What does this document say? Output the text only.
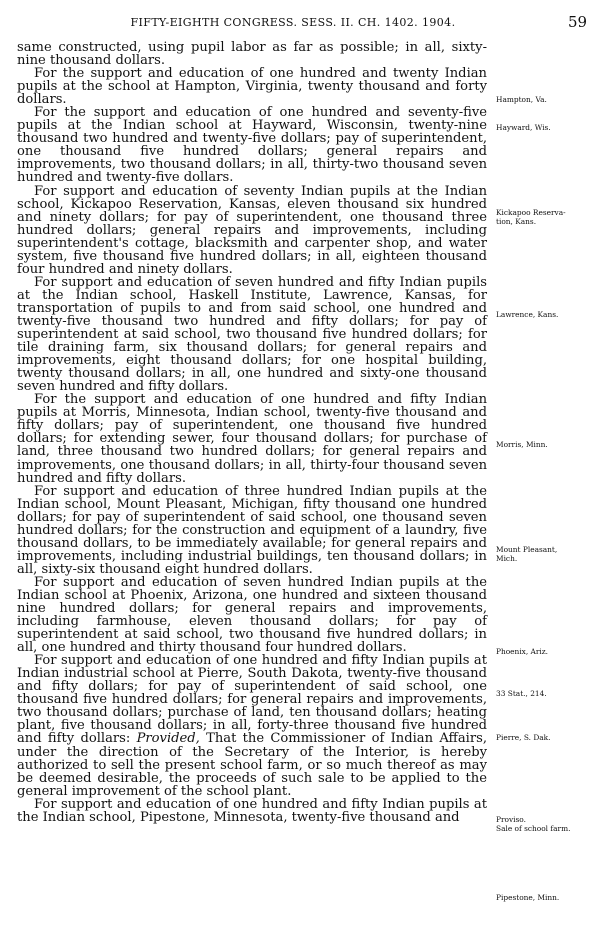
FIFTY-EIGHTH CONGRESS. SESS. II. CH. 1402. 1904.	59

same constructed, using pupil labor as far as possible; in all, sixty-nine thousand dollars.

For the support and education of one hundred and twenty Indian pupils at the school at Hampton, Virginia, twenty thousand and forty dollars.

For the support and education of one hundred and seventy-five pupils at the Indian school at Hayward, Wisconsin, twenty-nine thousand two hundred and twenty-five dollars; pay of superintendent, one thousand five hundred dollars; general repairs and improvements, two thousand dollars; in all, thirty-two thousand seven hundred and twenty-five dollars.

For support and education of seventy Indian pupils at the Indian school, Kickapoo Reservation, Kansas, eleven thousand six hundred and ninety dollars; for pay of superintendent, one thousand three hundred dollars; general repairs and improvements, including superintendent's cottage, blacksmith and carpenter shop, and water system, five thousand five hundred dollars; in all, eighteen thousand four hundred and ninety dollars.

For support and education of seven hundred and fifty Indian pupils at the Indian school, Haskell Institute, Lawrence, Kansas, for transportation of pupils to and from said school, one hundred and twenty-five thousand two hundred and fifty dollars; for pay of superintendent at said school, two thousand five hundred dollars; for tile draining farm, six thousand dollars; for general repairs and improvements, eight thousand dollars; for one hospital building, twenty thousand dollars; in all, one hundred and sixty-one thousand seven hundred and fifty dollars.

For the support and education of one hundred and fifty Indian pupils at Morris, Minnesota, Indian school, twenty-five thousand and fifty dollars; pay of superintendent, one thousand five hundred dollars; for extending sewer, four thousand dollars; for purchase of land, three thousand two hundred dollars; for general repairs and improvements, one thousand dollars; in all, thirty-four thousand seven hundred and fifty dollars.

For support and education of three hundred Indian pupils at the Indian school, Mount Pleasant, Michigan, fifty thousand one hundred dollars; for pay of superintendent of said school, one thousand seven hundred dollars; for the construction and equipment of a laundry, five thousand dollars, to be immediately available; for general repairs and improvements, including industrial buildings, ten thousand dollars; in all, sixty-six thousand eight hundred dollars.

For support and education of seven hundred Indian pupils at the Indian school at Phoenix, Arizona, one hundred and sixteen thousand nine hundred dollars; for general repairs and improvements, including farmhouse, eleven thousand dollars; for pay of superintendent at said school, two thousand five hundred dollars; in all, one hundred and thirty thousand four hundred dollars.

For support and education of one hundred and fifty Indian pupils at Indian industrial school at Pierre, South Dakota, twenty-five thousand and fifty dollars; for pay of superintendent of said school, one thousand five hundred dollars; for general repairs and improvements, two thousand dollars; purchase of land, ten thousand dollars; heating plant, five thousand dollars; in all, forty-three thousand five hundred and fifty dollars: Provided, That the Commissioner of Indian Affairs, under the direction of the Secretary of the Interior, is hereby authorized to sell the present school farm, or so much thereof as may be deemed desirable, the proceeds of such sale to be applied to the general improvement of the school plant.

For support and education of one hundred and fifty Indian pupils at the Indian school, Pipestone, Minnesota, twenty-five thousand and

Hampton, Va.
Hayward, Wis.
Kickapoo Reserva-
tion, Kans.
Lawrence, Kans.
Morris, Minn.
Mount Pleasant,
Mich.
Phoenix, Ariz.
33 Stat., 214.
Pierre, S. Dak.
Proviso.
Sale of school farm.
Pipestone, Minn.
